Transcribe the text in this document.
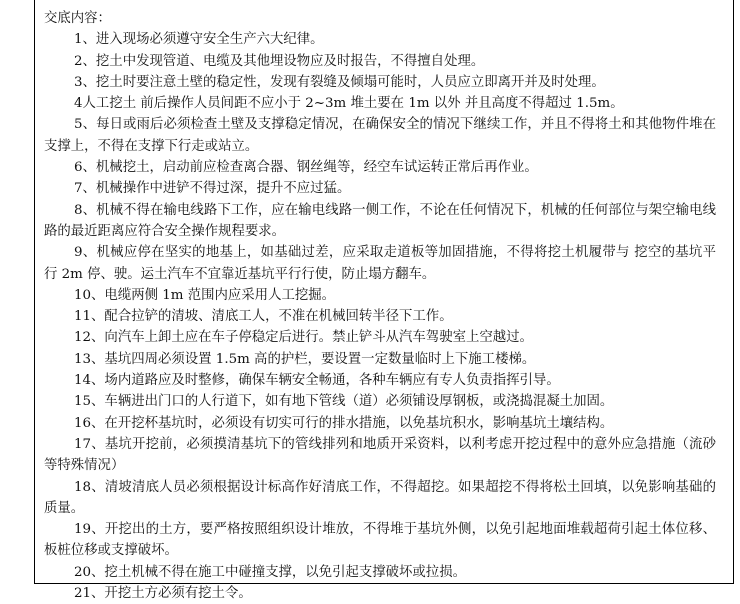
交底内容：

1、进入现场必须遵守安全生产六大纪律。

2、挖土中发现管道、电缆及其他埋设物应及时报告，不得擅自处理。

3、挖土时要注意土壁的稳定性，发现有裂缝及倾塌可能时，人员应立即离开并及时处理。

4人工挖土 前后操作人员间距不应小于 2~3m 堆土要在 1m 以外 并且高度不得超过 1.5m。

5、每日或雨后必须检查土壁及支撑稳定情况，在确保安全的情况下继续工作，并且不得将土和其他物件堆在支撑上，不得在支撑下行走或站立。

6、机械挖土，启动前应检查离合器、钢丝绳等，经空车试运转正常后再作业。

7、机械操作中进铲不得过深，提升不应过猛。

8、机械不得在输电线路下工作，应在输电线路一侧工作，不论在任何情况下，机械的任何部位与架空输电线路的最近距离应符合安全操作规程要求。

9、机械应停在坚实的地基上，如基础过差，应采取走道板等加固措施，不得将挖土机履带与 挖空的基坑平行 2m 停、驶。运土汽车不宜靠近基坑平行行使，防止塌方翻车。

10、电缆两侧 1m 范围内应采用人工挖掘。

11、配合拉铲的清坡、清底工人，不准在机械回转半径下工作。

12、向汽车上卸土应在车子停稳定后进行。禁止铲斗从汽车驾驶室上空越过。

13、基坑四周必须设置 1.5m 高的护栏，要设置一定数量临时上下施工楼梯。

14、场内道路应及时整修，确保车辆安全畅通，各种车辆应有专人负责指挥引导。

15、车辆进出门口的人行道下，如有地下管线（道）必须铺设厚钢板，或浇捣混凝土加固。

16、在开挖杯基坑时，必须设有切实可行的排水措施，以免基坑积水，影响基坑土壤结构。

17、基坑开挖前，必须摸清基坑下的管线排列和地质开采资料，以利考虑开挖过程中的意外应急措施（流砂等特殊情况）

18、清坡清底人员必须根据设计标高作好清底工作，不得超挖。如果超挖不得将松土回填，以免影响基础的质量。

19、开挖出的土方，要严格按照组织设计堆放，不得堆于基坑外侧，以免引起地面堆载超荷引起土体位移、板桩位移或支撑破坏。

20、挖土机械不得在施工中碰撞支撑，以免引起支撑破坏或拉损。

21、开挖土方必须有挖土令。
